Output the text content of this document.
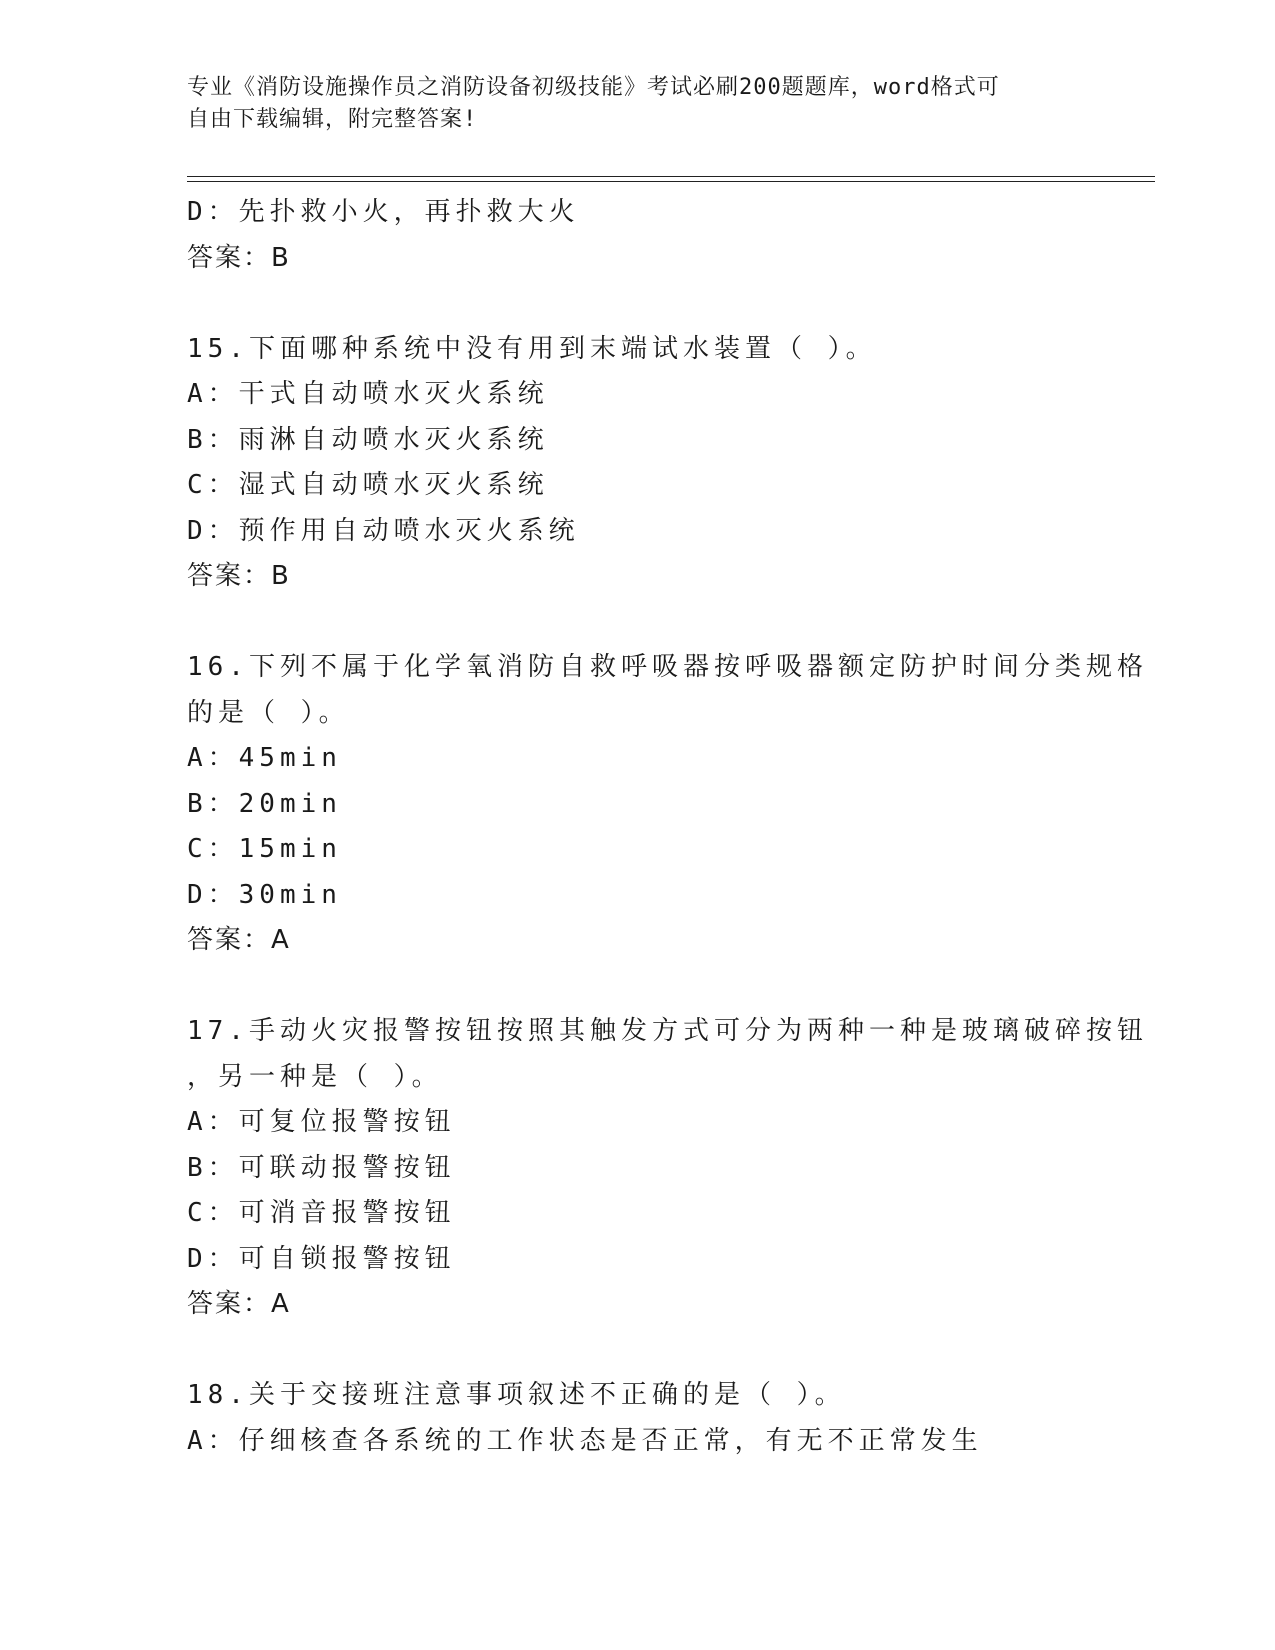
专业《消防设施操作员之消防设备初级技能》考试必刷200题题库，word格式可
自由下载编辑，附完整答案!
D：先扑救小火，再扑救大火
答案：B
15.下面哪种系统中没有用到末端试水装置（ ）。
A：干式自动喷水灭火系统
B：雨淋自动喷水灭火系统
C：湿式自动喷水灭火系统
D：预作用自动喷水灭火系统
答案：B
16.下列不属于化学氧消防自救呼吸器按呼吸器额定防护时间分类规格
的是（ ）。
A：45min
B：20min
C：15min
D：30min
答案：A
17.手动火灾报警按钮按照其触发方式可分为两种一种是玻璃破碎按钮
，另一种是（ ）。
A：可复位报警按钮
B：可联动报警按钮
C：可消音报警按钮
D：可自锁报警按钮
答案：A
18.关于交接班注意事项叙述不正确的是（ ）。
A：仔细核查各系统的工作状态是否正常，有无不正常发生
